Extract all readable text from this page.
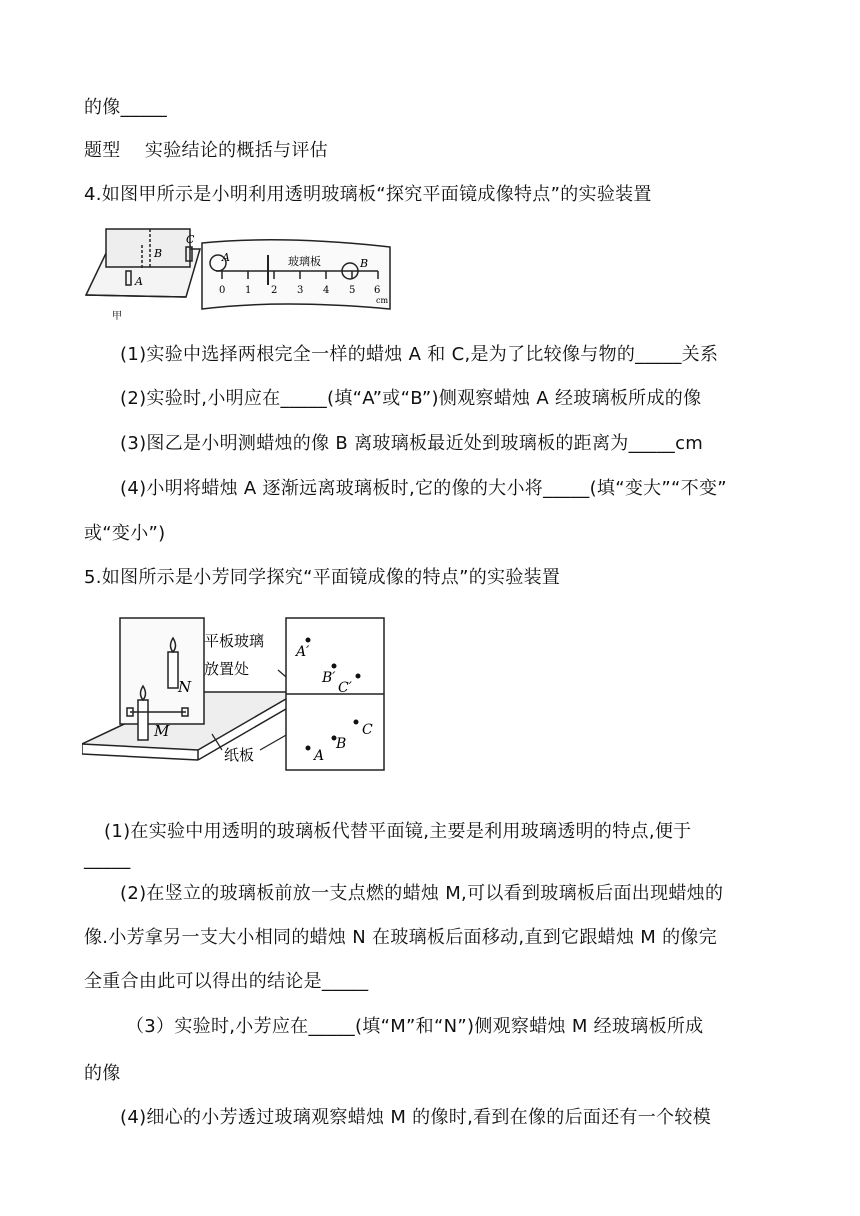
的像_____
题型　 实验结论的概括与评估
4.如图甲所示是小明利用透明玻璃板“探究平面镜成像特点”的实验装置
C
B
A
甲
A	玻璃板	B
0 1 2 3 4 5 6
cm
(1)实验中选择两根完全一样的蜡烛 A 和 C,是为了比较像与物的_____关系
(2)实验时,小明应在_____(填“A”或“B”)侧观察蜡烛 A 经玻璃板所成的像
(3)图乙是小明测蜡烛的像 B 离玻璃板最近处到玻璃板的距离为_____cm
(4)小明将蜡烛 A 逐渐远离玻璃板时,它的像的大小将_____(填“变大”“不变”
或“变小”)
5.如图所示是小芳同学探究“平面镜成像的特点”的实验装置
N
M
平板玻璃
放置处
纸板
A′
B′
C′
A
B
C
(1)在实验中用透明的玻璃板代替平面镜,主要是利用玻璃透明的特点,便于
_____
(2)在竖立的玻璃板前放一支点燃的蜡烛 M,可以看到玻璃板后面出现蜡烛的
像.小芳拿另一支大小相同的蜡烛 N 在玻璃板后面移动,直到它跟蜡烛 M 的像完
全重合由此可以得出的结论是_____
（3）实验时,小芳应在_____(填“M”和“N”)侧观察蜡烛 M 经玻璃板所成
的像
(4)细心的小芳透过玻璃观察蜡烛 M 的像时,看到在像的后面还有一个较模
